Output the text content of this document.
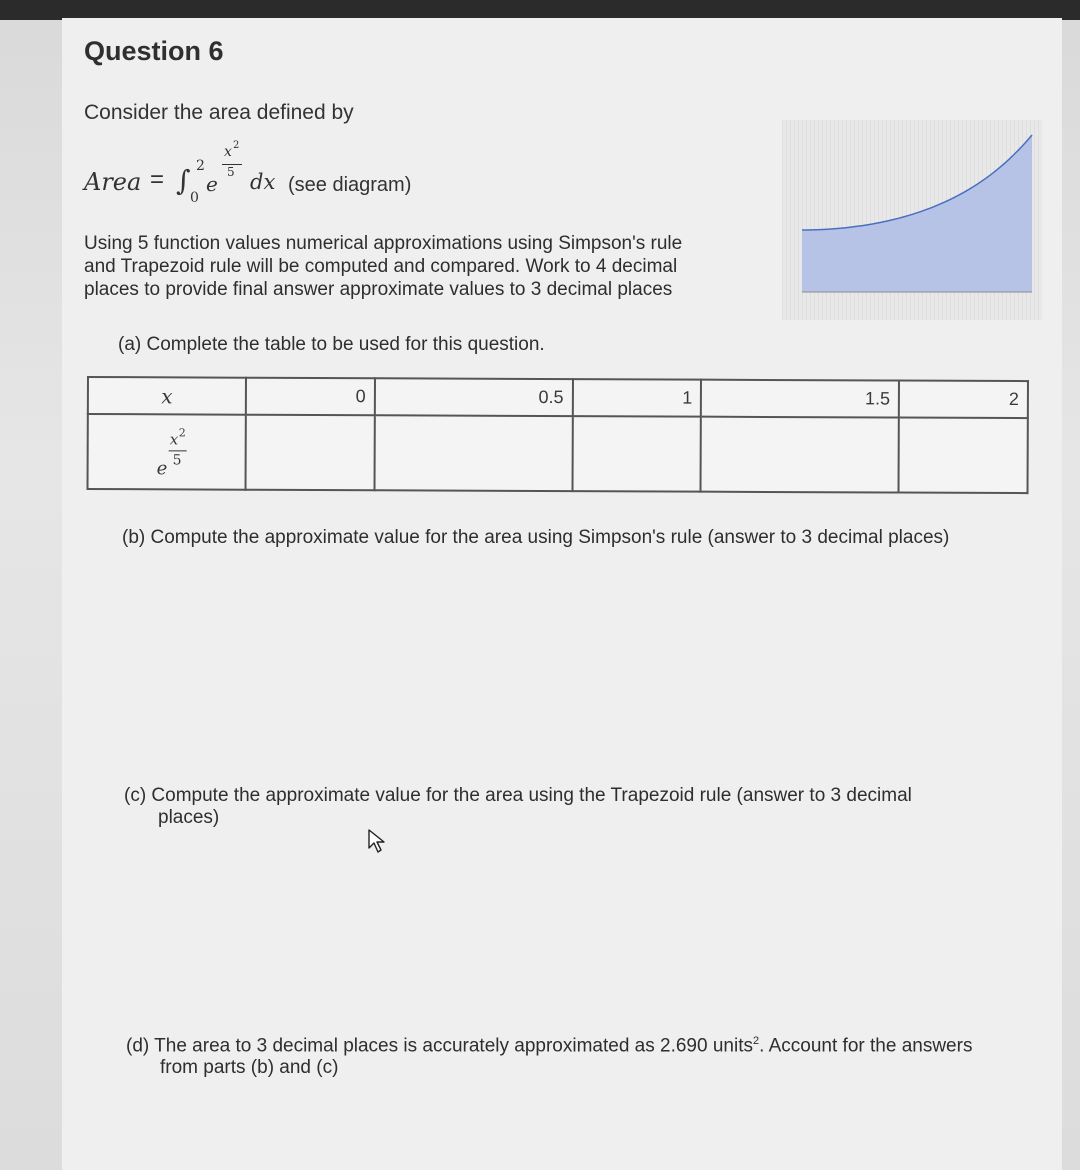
Question 6
Consider the area defined by
Area = ∫ 2
0
e
x 2
5 dx (see diagram)
Using 5 function values numerical approximations using Simpson's rule
and Trapezoid rule will be computed and compared. Work to 4 decimal
places to provide final answer approximate values to 3 decimal places
(a) Complete the table to be used for this question.
x	0	0.5	1	1.5	2

e
x 2
5					

(b) Compute the approximate value for the area using Simpson's rule (answer to 3 decimal places)
(c) Compute the approximate value for the area using the Trapezoid rule (answer to 3 decimal
places)
(d) The area to 3 decimal places is accurately approximated as 2.690 units$^2$. Account for the answers
from parts (b) and (c)
